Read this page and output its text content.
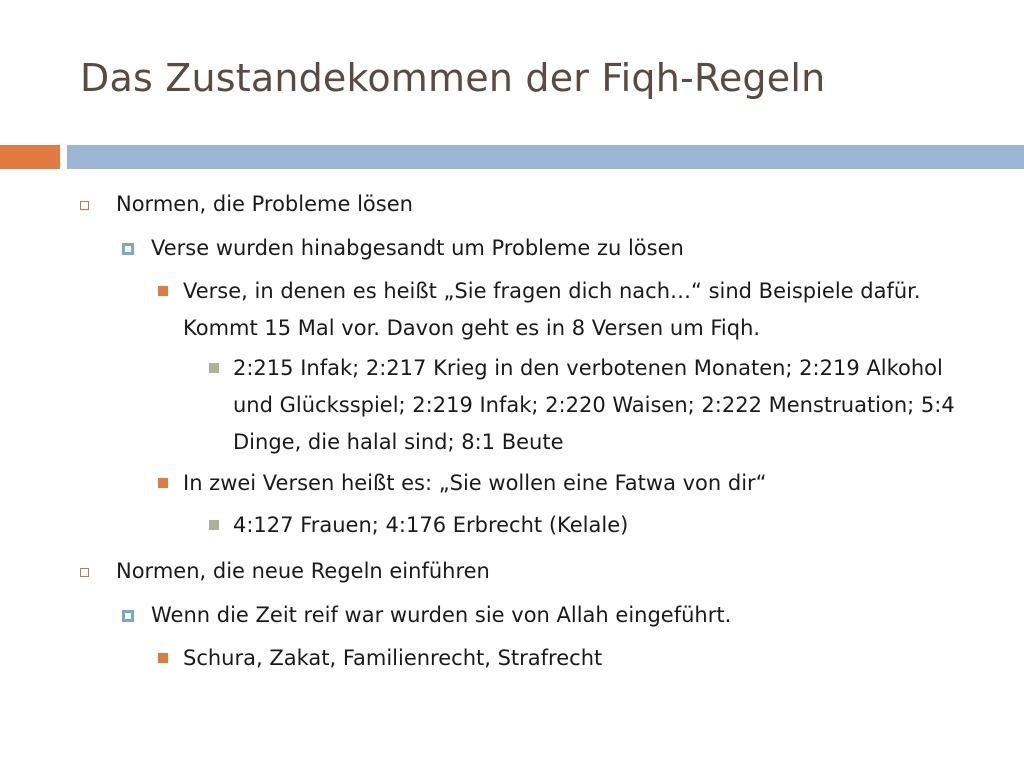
Das Zustandekommen der Fiqh-Regeln
Normen, die Probleme lösen
Verse wurden hinabgesandt um Probleme zu lösen
Verse, in denen es heißt „Sie fragen dich nach…“ sind Beispiele dafür. Kommt 15 Mal vor. Davon geht es in 8 Versen um Fiqh.
2:215 Infak; 2:217 Krieg in den verbotenen Monaten; 2:219 Alkohol und Glücksspiel; 2:219 Infak; 2:220 Waisen; 2:222 Menstruation; 5:4 Dinge, die halal sind; 8:1 Beute
In zwei Versen heißt es: „Sie wollen eine Fatwa von dir“
4:127 Frauen; 4:176 Erbrecht (Kelale)
Normen, die neue Regeln einführen
Wenn die Zeit reif war wurden sie von Allah eingeführt.
Schura, Zakat, Familienrecht, Strafrecht
